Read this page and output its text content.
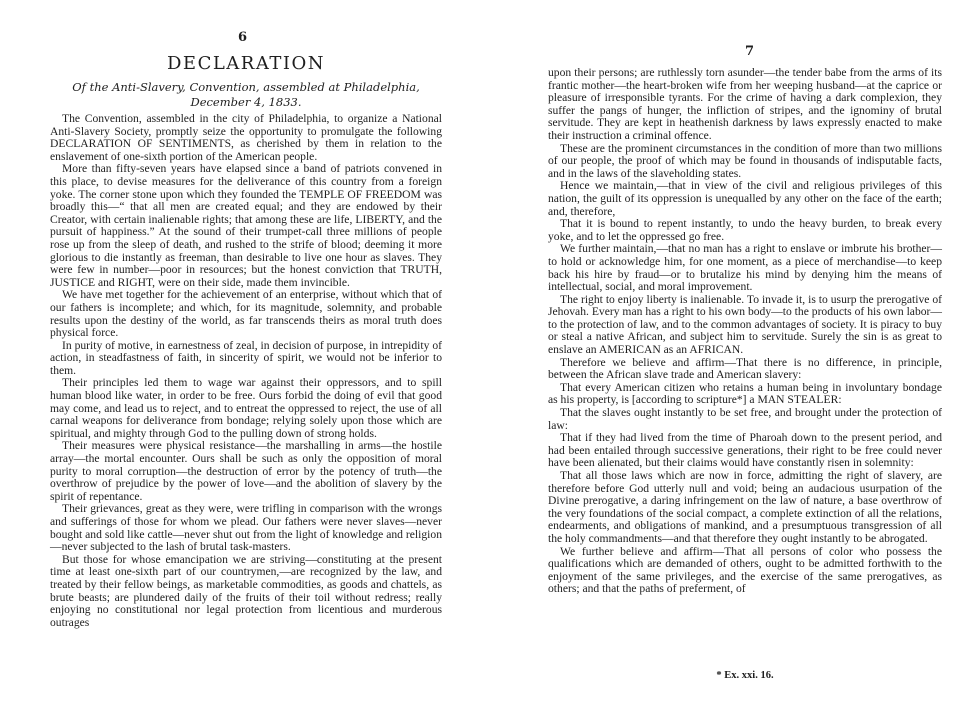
6
DECLARATION
Of the Anti-Slavery, Convention, assembled at Philadelphia,
December 4, 1833.

The Convention, assembled in the city of Philadelphia, to organize a National Anti-Slavery Society, promptly seize the opportunity to promulgate the following DECLARATION OF SENTIMENTS, as cherished by them in relation to the enslavement of one-sixth portion of the American people.

More than fifty-seven years have elapsed since a band of patriots convened in this place, to devise measures for the deliverance of this country from a foreign yoke. The corner stone upon which they founded the TEMPLE OF FREEDOM was broadly this—“ that all men are created equal; and they are endowed by their Creator, with certain inalienable rights; that among these are life, LIBERTY, and the pursuit of happiness.” At the sound of their trumpet-call three millions of people rose up from the sleep of death, and rushed to the strife of blood; deeming it more glorious to die instantly as freeman, than desirable to live one hour as slaves. They were few in number—poor in resources; but the honest conviction that TRUTH, JUSTICE and RIGHT, were on their side, made them invincible.

We have met together for the achievement of an enterprise, without which that of our fathers is incomplete; and which, for its magnitude, solemnity, and probable results upon the destiny of the world, as far transcends theirs as moral truth does physical force.

In purity of motive, in earnestness of zeal, in decision of purpose, in intrepidity of action, in steadfastness of faith, in sincerity of spirit, we would not be inferior to them.

Their principles led them to wage war against their oppressors, and to spill human blood like water, in order to be free. Ours forbid the doing of evil that good may come, and lead us to reject, and to entreat the oppressed to reject, the use of all carnal weapons for deliverance from bondage; relying solely upon those which are spiritual, and mighty through God to the pulling down of strong holds.

Their measures were physical resistance—the marshalling in arms—the hostile array—the mortal encounter. Ours shall be such as only the opposition of moral purity to moral corruption—the destruction of error by the potency of truth—the overthrow of prejudice by the power of love—and the abolition of slavery by the spirit of repentance.

Their grievances, great as they were, were trifling in comparison with the wrongs and sufferings of those for whom we plead. Our fathers were never slaves—never bought and sold like cattle—never shut out from the light of knowledge and religion—never subjected to the lash of brutal task-masters.

But those for whose emancipation we are striving—constituting at the present time at least one-sixth part of our countrymen,—are recognized by the law, and treated by their fellow beings, as marketable commodities, as goods and chattels, as brute beasts; are plundered daily of the fruits of their toil without redress; really enjoying no constitutional nor legal protection from licentious and murderous outrages

7

upon their persons; are ruthlessly torn asunder—the tender babe from the arms of its frantic mother—the heart-broken wife from her weeping husband—at the caprice or pleasure of irresponsible tyrants. For the crime of having a dark complexion, they suffer the pangs of hunger, the infliction of stripes, and the ignominy of brutal servitude. They are kept in heathenish darkness by laws expressly enacted to make their instruction a criminal offence.

These are the prominent circumstances in the condition of more than two millions of our people, the proof of which may be found in thousands of indisputable facts, and in the laws of the slaveholding states.

Hence we maintain,—that in view of the civil and religious privileges of this nation, the guilt of its oppression is unequalled by any other on the face of the earth; and, therefore,

That it is bound to repent instantly, to undo the heavy burden, to break every yoke, and to let the oppressed go free.

We further maintain,—that no man has a right to enslave or imbrute his brother—to hold or acknowledge him, for one moment, as a piece of merchandise—to keep back his hire by fraud—or to brutalize his mind by denying him the means of intellectual, social, and moral improvement.

The right to enjoy liberty is inalienable. To invade it, is to usurp the prerogative of Jehovah. Every man has a right to his own body—to the products of his own labor—to the protection of law, and to the common advantages of society. It is piracy to buy or steal a native African, and subject him to servitude. Surely the sin is as great to enslave an AMERICAN as an AFRICAN.

Therefore we believe and affirm—That there is no difference, in principle, between the African slave trade and American slavery:

That every American citizen who retains a human being in involuntary bondage as his property, is [according to scripture*] a MAN STEALER:

That the slaves ought instantly to be set free, and brought under the protection of law:

That if they had lived from the time of Pharoah down to the present period, and had been entailed through successive generations, their right to be free could never have been alienated, but their claims would have constantly risen in solemnity:

That all those laws which are now in force, admitting the right of slavery, are therefore before God utterly null and void; being an audacious usurpation of the Divine prerogative, a daring infringement on the law of nature, a base overthrow of the very foundations of the social compact, a complete extinction of all the relations, endearments, and obligations of mankind, and a presumptuous transgression of all the holy commandments—and that therefore they ought instantly to be abrogated.

We further believe and affirm—That all persons of color who possess the qualifications which are demanded of others, ought to be admitted forthwith to the enjoyment of the same privileges, and the exercise of the same prerogatives, as others; and that the paths of preferment, of

* Ex. xxi. 16.
